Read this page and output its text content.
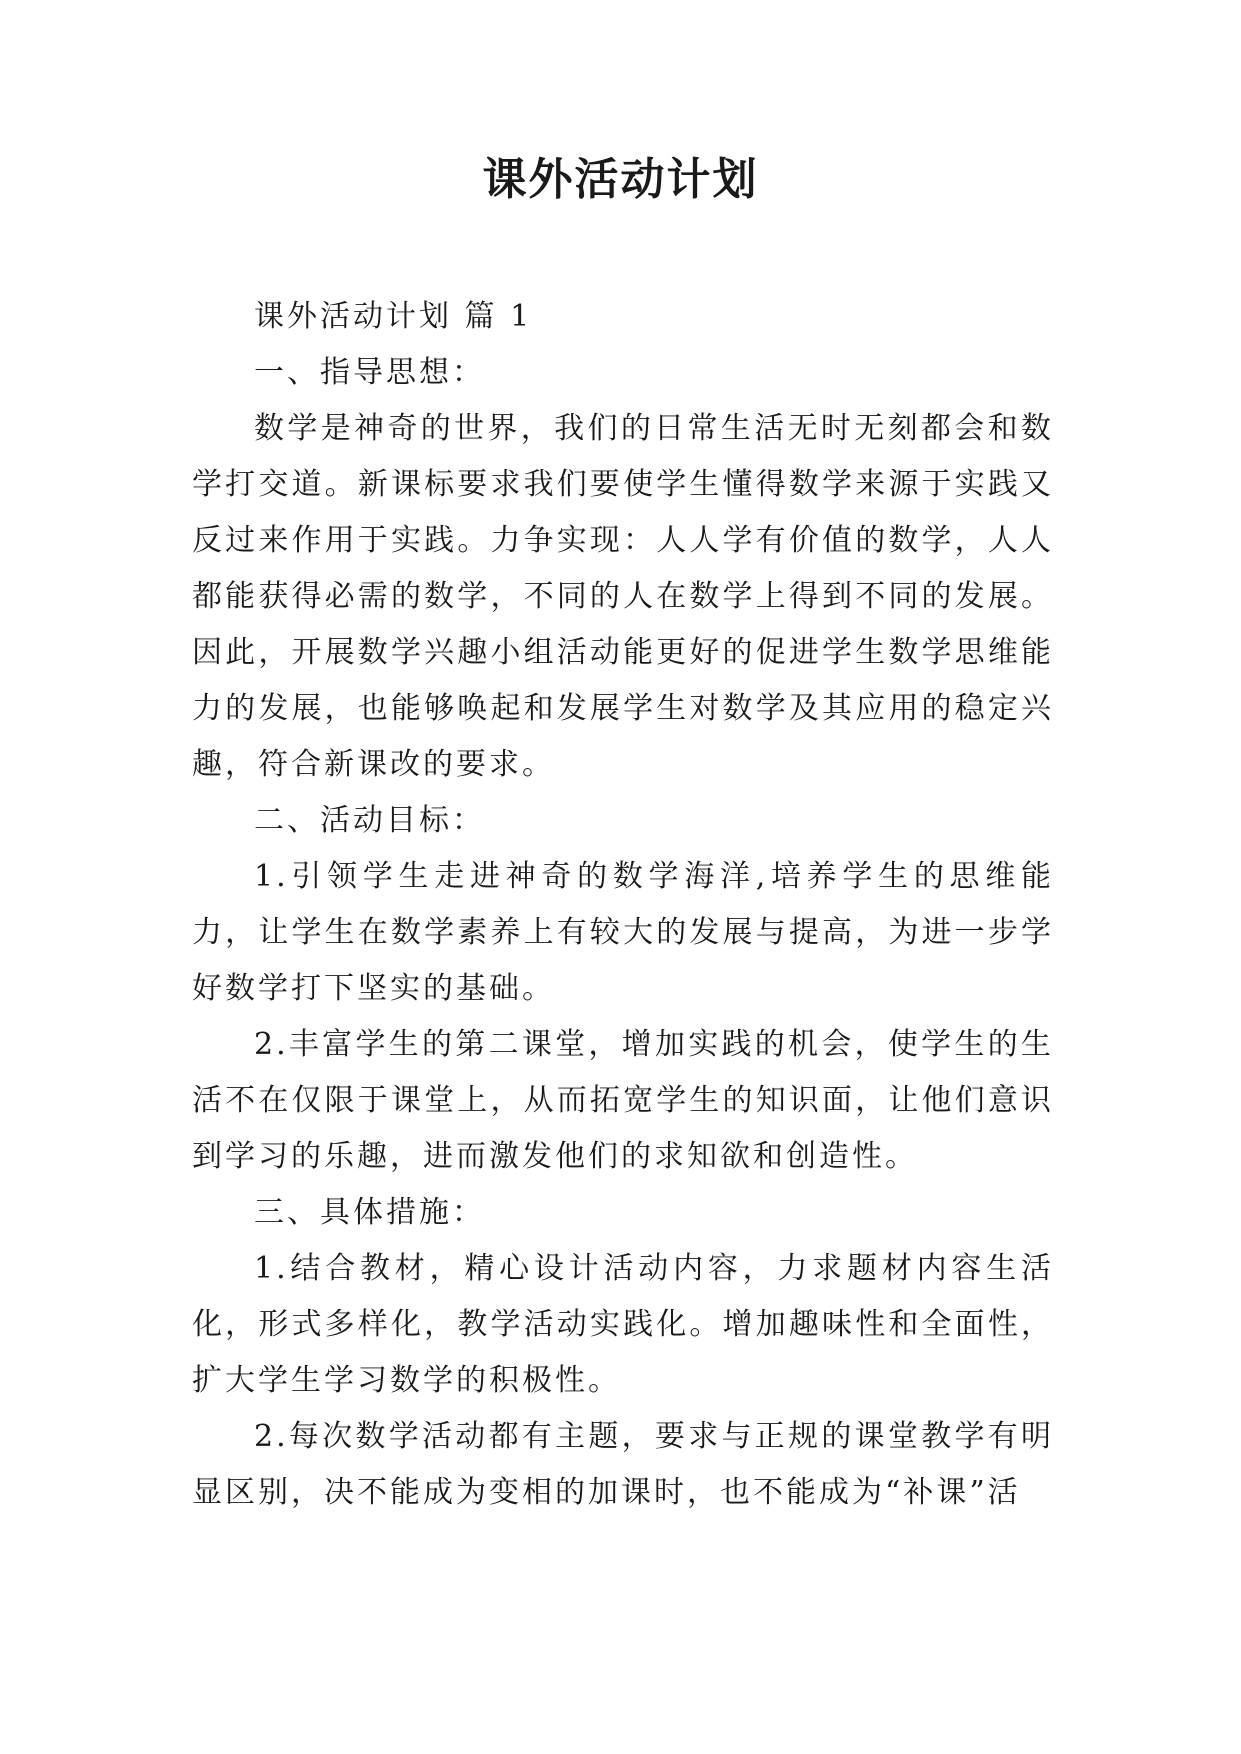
课外活动计划

课外活动计划 篇 1

一、指导思想：

数学是神奇的世界，我们的日常生活无时无刻都会和数学打交道。新课标要求我们要使学生懂得数学来源于实践又反过来作用于实践。力争实现：人人学有价值的数学，人人都能获得必需的数学，不同的人在数学上得到不同的发展。因此，开展数学兴趣小组活动能更好的促进学生数学思维能力的发展，也能够唤起和发展学生对数学及其应用的稳定兴趣，符合新课改的要求。

二、活动目标：

1.引领学生走进神奇的数学海洋,培养学生的思维能力，让学生在数学素养上有较大的发展与提高，为进一步学好数学打下坚实的基础。

2.丰富学生的第二课堂，增加实践的机会，使学生的生活不在仅限于课堂上，从而拓宽学生的知识面，让他们意识到学习的乐趣，进而激发他们的求知欲和创造性。

三、具体措施：

1.结合教材，精心设计活动内容，力求题材内容生活化，形式多样化，教学活动实践化。增加趣味性和全面性，扩大学生学习数学的积极性。

2.每次数学活动都有主题，要求与正规的课堂教学有明显区别，决不能成为变相的加课时，也不能成为“补课”活
